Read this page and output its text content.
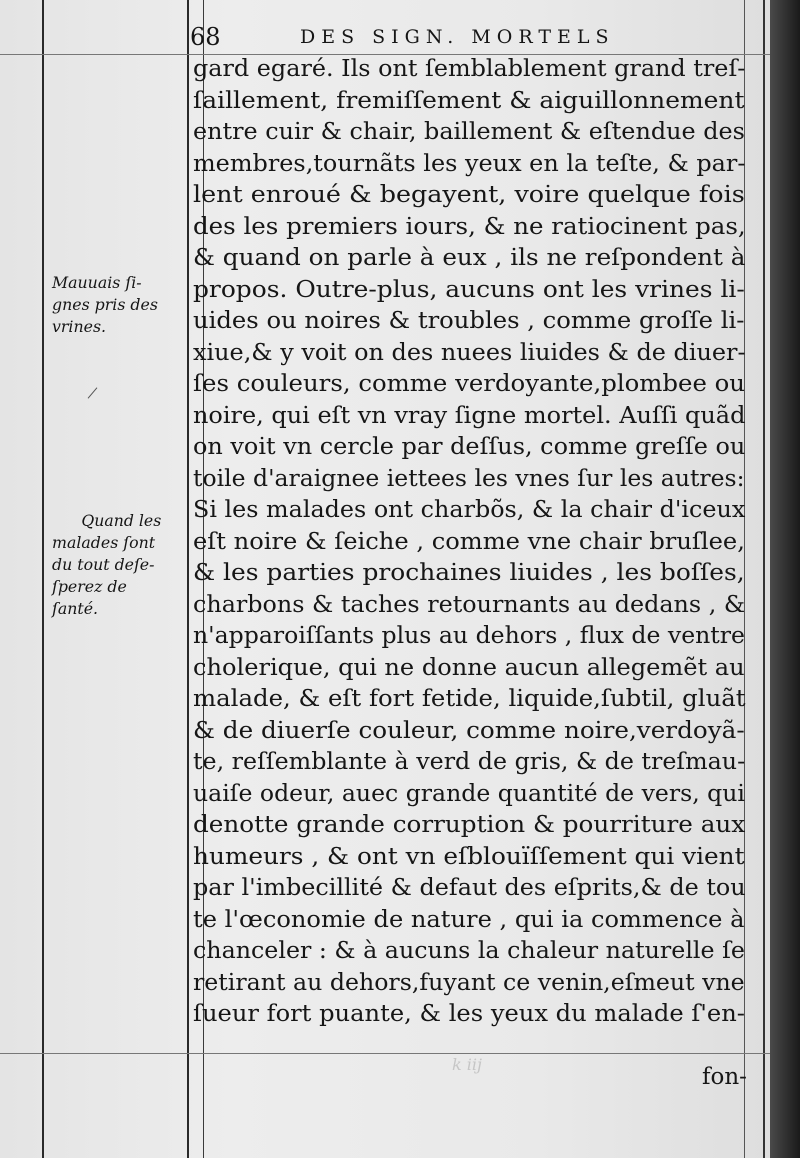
68	DES SIGN. MORTELS
Mauuais ſi-
gnes pris des
vrines.
Quand les
malades ſont
du tout deſe-
ſperez de
ſanté.
gard egaré. Ils ont ſemblablement grand treſ-
ſaillement, fremiſſement & aiguillonnement
entre cuir & chair, baillement & eſtendue des
membres,tournãts les yeux en la teſte, & par-
lent enroué & begayent, voire quelque fois
des les premiers iours, & ne ratiocinent pas,
& quand on parle à eux , ils ne reſpondent à
propos. Outre-plus, aucuns ont les vrines li-
uides ou noires & troubles , comme groſſe li-
xiue,& y voit on des nuees liuides & de diuer-
ſes couleurs, comme verdoyante,plombee ou
noire, qui eſt vn vray ſigne mortel. Auſſi quãd
on voit vn cercle par deſſus, comme greſſe ou
toile d'araignee iettees les vnes ſur les autres:
Si les malades ont charbõs, & la chair d'iceux
eſt noire & ſeiche , comme vne chair bruſlee,
& les parties prochaines liuides , les boſſes,
charbons & taches retournants au dedans , &
n'apparoiſſants plus au dehors , flux de ventre
cholerique, qui ne donne aucun allegemẽt au
malade, & eſt fort fetide, liquide,ſubtil, gluãt
& de diuerſe couleur, comme noire,verdoyã-
te, reſſemblante à verd de gris, & de treſmau-
uaiſe odeur, auec grande quantité de vers, qui
denotte grande corruption & pourriture aux
humeurs , & ont vn eſblouïſſement qui vient
par l'imbecillité & defaut des eſprits,& de tou
te l'œconomie de nature , qui ia commence à
chanceler : & à aucuns la chaleur naturelle ſe
retirant au dehors,fuyant ce venin,eſmeut vne
ſueur fort puante, & les yeux du malade ſ'en-
k iij	fon-
